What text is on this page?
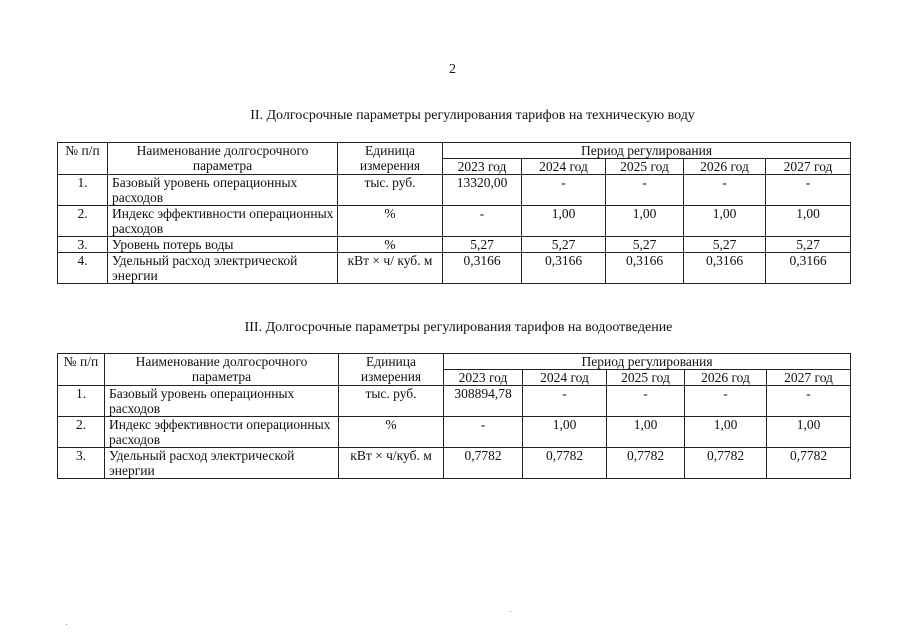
2
II. Долгосрочные параметры регулирования тарифов на техническую воду
№ п/п	Наименование долгосрочного параметра	Единица измерения	Период регулирования				
			2023 год	2024 год	2025 год	2026 год	2027 год
1.	Базовый уровень операционных расходов	тыс. руб.	13320,00	-	-	-	-
2.	Индекс эффективности операционных расходов	%	-	1,00	1,00	1,00	1,00
3.	Уровень потерь воды	%	5,27	5,27	5,27	5,27	5,27
4.	Удельный расход электрической энергии	кВт × ч/ куб. м	0,3166	0,3166	0,3166	0,3166	0,3166
III. Долгосрочные параметры регулирования тарифов на водоотведение
№ п/п	Наименование долгосрочного параметра	Единица измерения	Период регулирования				
			2023 год	2024 год	2025 год	2026 год	2027 год
1.	Базовый уровень операционных расходов	тыс. руб.	308894,78	-	-	-	-
2.	Индекс эффективности операционных расходов	%	-	1,00	1,00	1,00	1,00
3.	Удельный расход электрической энергии	кВт × ч/куб. м	0,7782	0,7782	0,7782	0,7782	0,7782
